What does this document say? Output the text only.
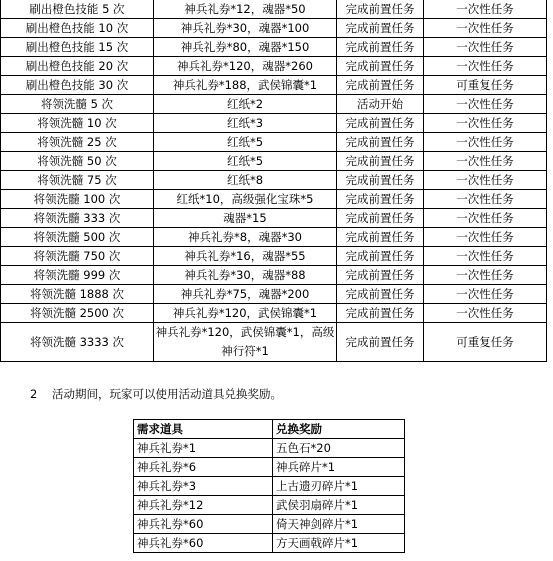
刷出橙色技能 5 次	神兵礼券*12，魂器*50	完成前置任务	一次性任务
刷出橙色技能 10 次	神兵礼券*30，魂器*100	完成前置任务	一次性任务
刷出橙色技能 15 次	神兵礼券*80，魂器*150	完成前置任务	一次性任务
刷出橙色技能 20 次	神兵礼券*120，魂器*260	完成前置任务	一次性任务
刷出橙色技能 30 次	神兵礼券*188，武侯锦囊*1	完成前置任务	可重复任务
将领洗髓 5 次	红纸*2	活动开始	一次性任务
将领洗髓 10 次	红纸*3	完成前置任务	一次性任务
将领洗髓 25 次	红纸*5	完成前置任务	一次性任务
将领洗髓 50 次	红纸*5	完成前置任务	一次性任务
将领洗髓 75 次	红纸*8	完成前置任务	一次性任务
将领洗髓 100 次	红纸*10，高级强化宝珠*5	完成前置任务	一次性任务
将领洗髓 333 次	魂器*15	完成前置任务	一次性任务
将领洗髓 500 次	神兵礼券*8，魂器*30	完成前置任务	一次性任务
将领洗髓 750 次	神兵礼券*16，魂器*55	完成前置任务	一次性任务
将领洗髓 999 次	神兵礼券*30，魂器*88	完成前置任务	一次性任务
将领洗髓 1888 次	神兵礼券*75，魂器*200	完成前置任务	一次性任务
将领洗髓 2500 次	神兵礼券*120，武侯锦囊*1	完成前置任务	一次性任务
将领洗髓 3333 次	神兵礼券*120，武侯锦囊*1，高级神行符*1	完成前置任务	可重复任务
2 活动期间，玩家可以使用活动道具兑换奖励。
需求道具	兑换奖励
神兵礼券*1	五色石*20
神兵礼券*6	神兵碎片*1
神兵礼券*3	上古遗刃碎片*1
神兵礼券*12	武侯羽扇碎片*1
神兵礼券*60	倚天神剑碎片*1
神兵礼券*60	方天画戟碎片*1
